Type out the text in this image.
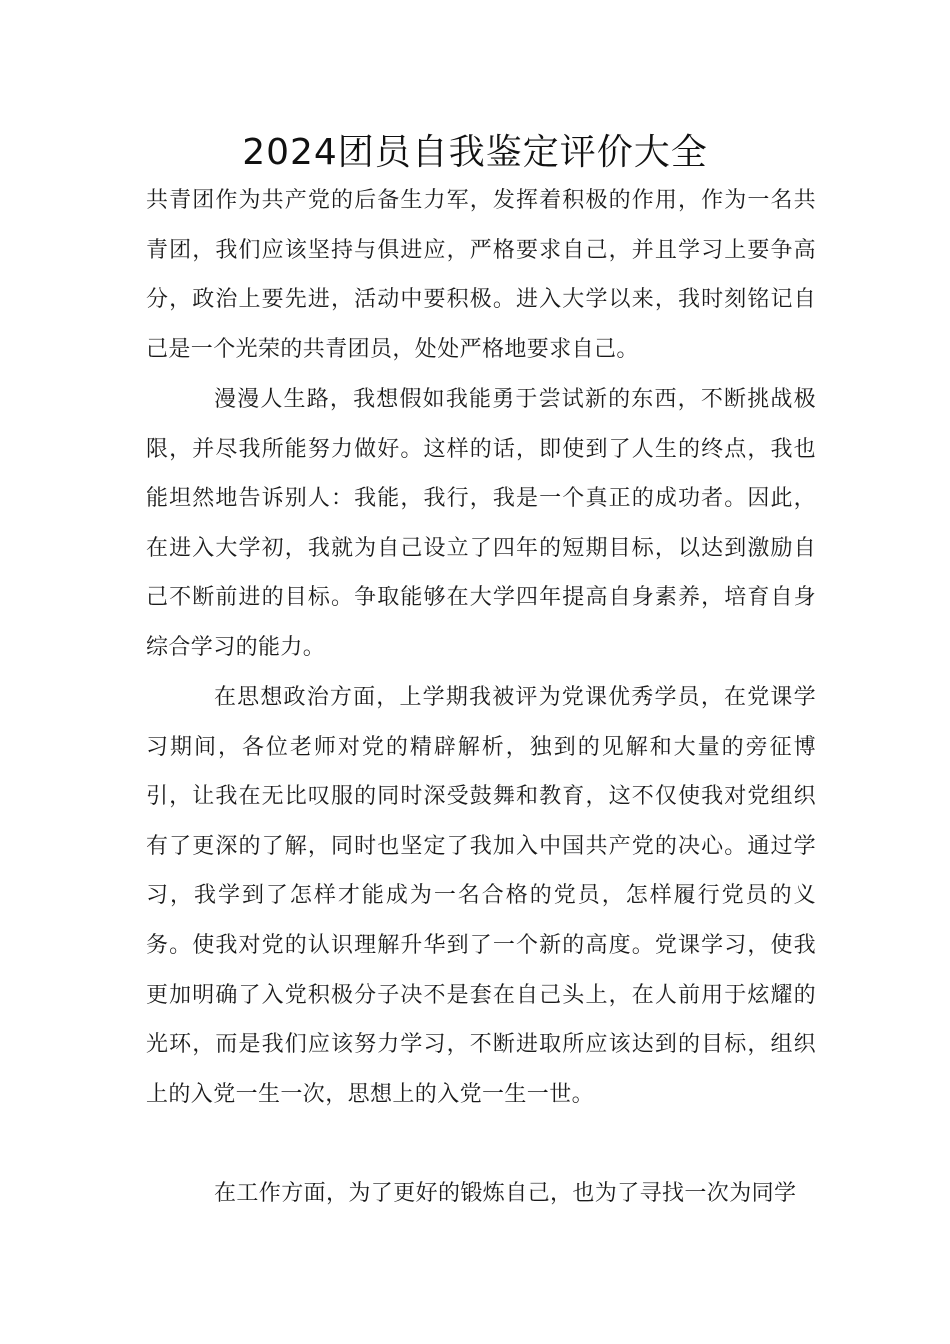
2024团员自我鉴定评价大全

共青团作为共产党的后备生力军，发挥着积极的作用，作为一名共青团，我们应该坚持与俱进应，严格要求自己，并且学习上要争高分，政治上要先进，活动中要积极。进入大学以来，我时刻铭记自己是一个光荣的共青团员，处处严格地要求自己。

漫漫人生路，我想假如我能勇于尝试新的东西，不断挑战极限，并尽我所能努力做好。这样的话，即使到了人生的终点，我也能坦然地告诉别人：我能，我行，我是一个真正的成功者。因此，在进入大学初，我就为自己设立了四年的短期目标，以达到激励自己不断前进的目标。争取能够在大学四年提高自身素养，培育自身综合学习的能力。

在思想政治方面，上学期我被评为党课优秀学员，在党课学习期间，各位老师对党的精辟解析，独到的见解和大量的旁征博引，让我在无比叹服的同时深受鼓舞和教育，这不仅使我对党组织有了更深的了解，同时也坚定了我加入中国共产党的决心。通过学习，我学到了怎样才能成为一名合格的党员，怎样履行党员的义务。使我对党的认识理解升华到了一个新的高度。党课学习，使我更加明确了入党积极分子决不是套在自己头上，在人前用于炫耀的光环，而是我们应该努力学习，不断进取所应该达到的目标，组织上的入党一生一次，思想上的入党一生一世。

在工作方面，为了更好的锻炼自己，也为了寻找一次为同学
